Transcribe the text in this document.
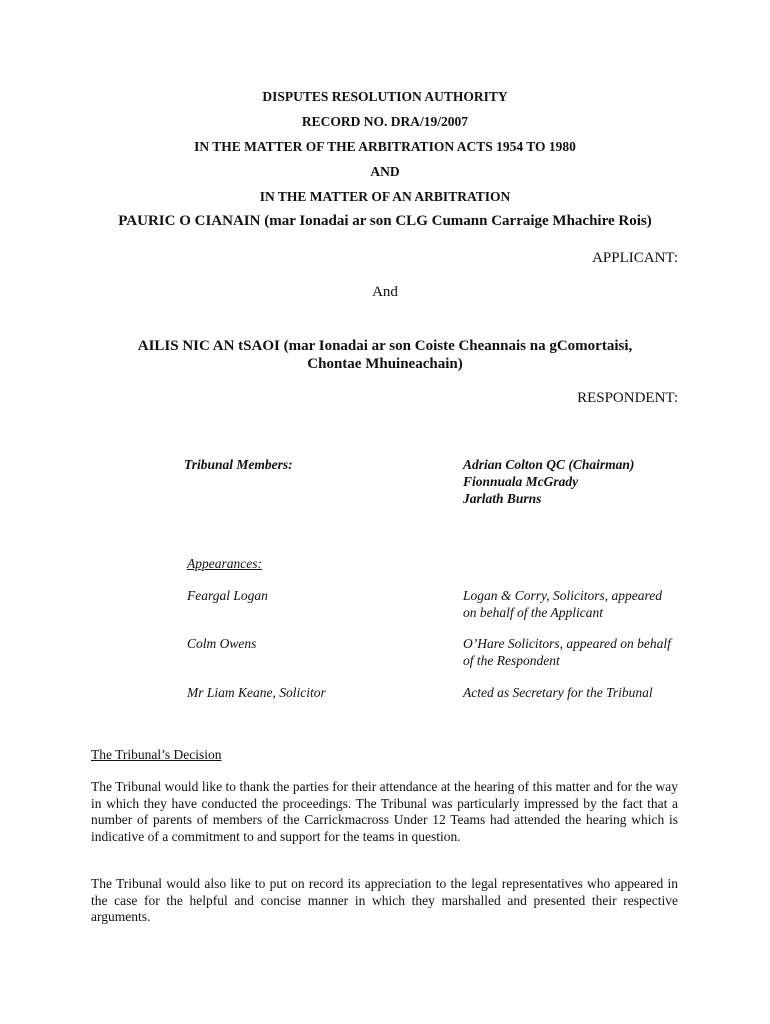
DISPUTES RESOLUTION AUTHORITY
RECORD NO. DRA/19/2007
IN THE MATTER OF THE ARBITRATION ACTS 1954 TO 1980
AND
IN THE MATTER OF AN ARBITRATION
PAURIC O CIANAIN (mar Ionadai ar son CLG Cumann Carraige Mhachire Rois)
APPLICANT:
And
AILIS NIC AN tSAOI (mar Ionadai ar son Coiste Cheannais na gComortaisi,
Chontae Mhuineachain)
RESPONDENT:
Tribunal Members:	Adrian Colton QC (Chairman)
Fionnuala McGrady
Jarlath Burns
Appearances:
Feargal Logan	Logan & Corry, Solicitors, appeared
on behalf of the Applicant
Colm Owens	O’Hare Solicitors, appeared on behalf
of the Respondent
Mr Liam Keane, Solicitor	Acted as Secretary for the Tribunal
The Tribunal’s Decision
The Tribunal would like to thank the parties for their attendance at the hearing of this matter and for the way in which they have conducted the proceedings. The Tribunal was particularly impressed by the fact that a number of parents of members of the Carrickmacross Under 12 Teams had attended the hearing which is indicative of a commitment to and support for the teams in question.
The Tribunal would also like to put on record its appreciation to the legal representatives who appeared in the case for the helpful and concise manner in which they marshalled and presented their respective arguments.
